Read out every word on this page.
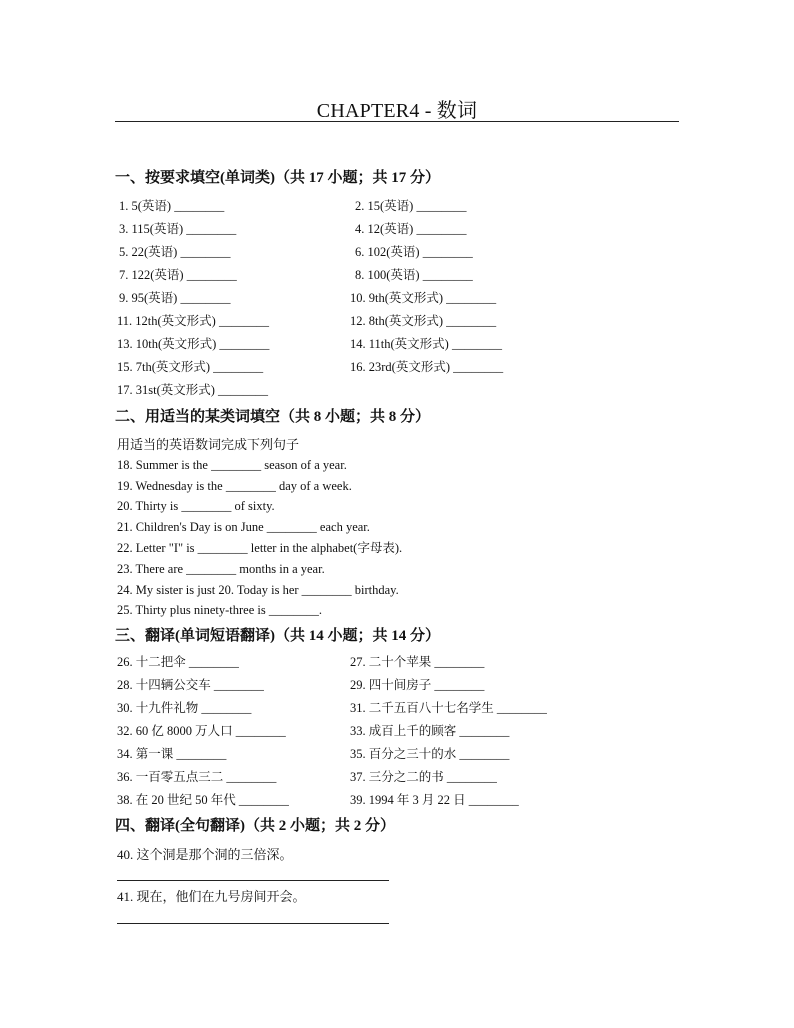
CHAPTER4 - 数词
一、按要求填空(单词类)（共 17 小题；共 17 分）
1. 5(英语) ________	2. 15(英语) ________
3. 115(英语) ________	4. 12(英语) ________
5. 22(英语) ________	6. 102(英语) ________
7. 122(英语) ________	8. 100(英语) ________
9. 95(英语) ________	10. 9th(英文形式) ________
11. 12th(英文形式) ________	12. 8th(英文形式) ________
13. 10th(英文形式) ________	14. 11th(英文形式) ________
15. 7th(英文形式) ________	16. 23rd(英文形式) ________
17. 31st(英文形式) ________
二、用适当的某类词填空（共 8 小题；共 8 分）
用适当的英语数词完成下列句子
18. Summer is the ________ season of a year.
19. Wednesday is the ________ day of a week.
20. Thirty is ________ of sixty.
21. Children's Day is on June ________ each year.
22. Letter "I" is ________ letter in the alphabet(字母表).
23. There are ________ months in a year.
24. My sister is just 20. Today is her ________ birthday.
25. Thirty plus ninety-three is ________.
三、翻译(单词短语翻译)（共 14 小题；共 14 分）
26. 十二把伞 ________	27. 二十个苹果 ________
28. 十四辆公交车 ________	29. 四十间房子 ________
30. 十九件礼物 ________	31. 二千五百八十七名学生 ________
32. 60 亿 8000 万人口 ________	33. 成百上千的顾客 ________
34. 第一课 ________	35. 百分之三十的水 ________
36. 一百零五点三二 ________	37. 三分之二的书 ________
38. 在 20 世纪 50 年代 ________	39. 1994 年 3 月 22 日 ________
四、翻译(全句翻译)（共 2 小题；共 2 分）
40. 这个洞是那个洞的三倍深。
41. 现在，他们在九号房间开会。
